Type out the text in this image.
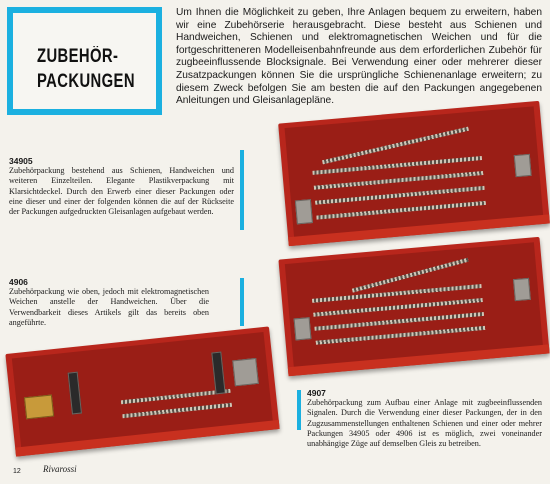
ZUBEHÖR-
PACKUNGEN
Um Ihnen die Möglichkeit zu geben, Ihre Anlagen bequem zu erweitern, haben wir eine Zubehörserie herausgebracht. Diese besteht aus Schienen und Handweichen, Schienen und elektromagnetischen Weichen und für die fortgeschritteneren Modelleisenbahnfreunde aus dem erforderlichen Zubehör für zugbeeinflussende Blocksignale. Bei Verwendung einer oder mehrerer dieser Zusatzpackungen können Sie die ursprüngliche Schienenanlage erweitern; zu diesem Zweck befolgen Sie am besten die auf den Packungen angegebenen Anleitungen und Gleisanlagepläne.
34905
Zubehörpackung bestehend aus Schienen, Handweichen und weiteren Einzelteilen. Elegante Plastikverpackung mit Klarsichtdeckel. Durch den Erwerb einer dieser Packungen oder eine dieser und einer der folgenden können die auf der Rückseite der Packungen aufgedruckten Gleisanlagen aufgebaut werden.
4906
Zubehörpackung wie oben, jedoch mit elektromagnetischen Weichen anstelle der Handweichen. Über die Verwendbarkeit dieses Artikels gilt das bereits oben angeführte.
4907
Zubehörpackung zum Aufbau einer Anlage mit zugbeeinflussenden Signalen. Durch die Verwendung einer dieser Packungen, der in den Zugzusammenstellungen enthaltenen Schienen und einer oder mehrer Packungen 34905 oder 4906 ist es möglich, zwei voneinander unabhängige Züge auf demselben Gleis zu betreiben.
12 Rivarossi
